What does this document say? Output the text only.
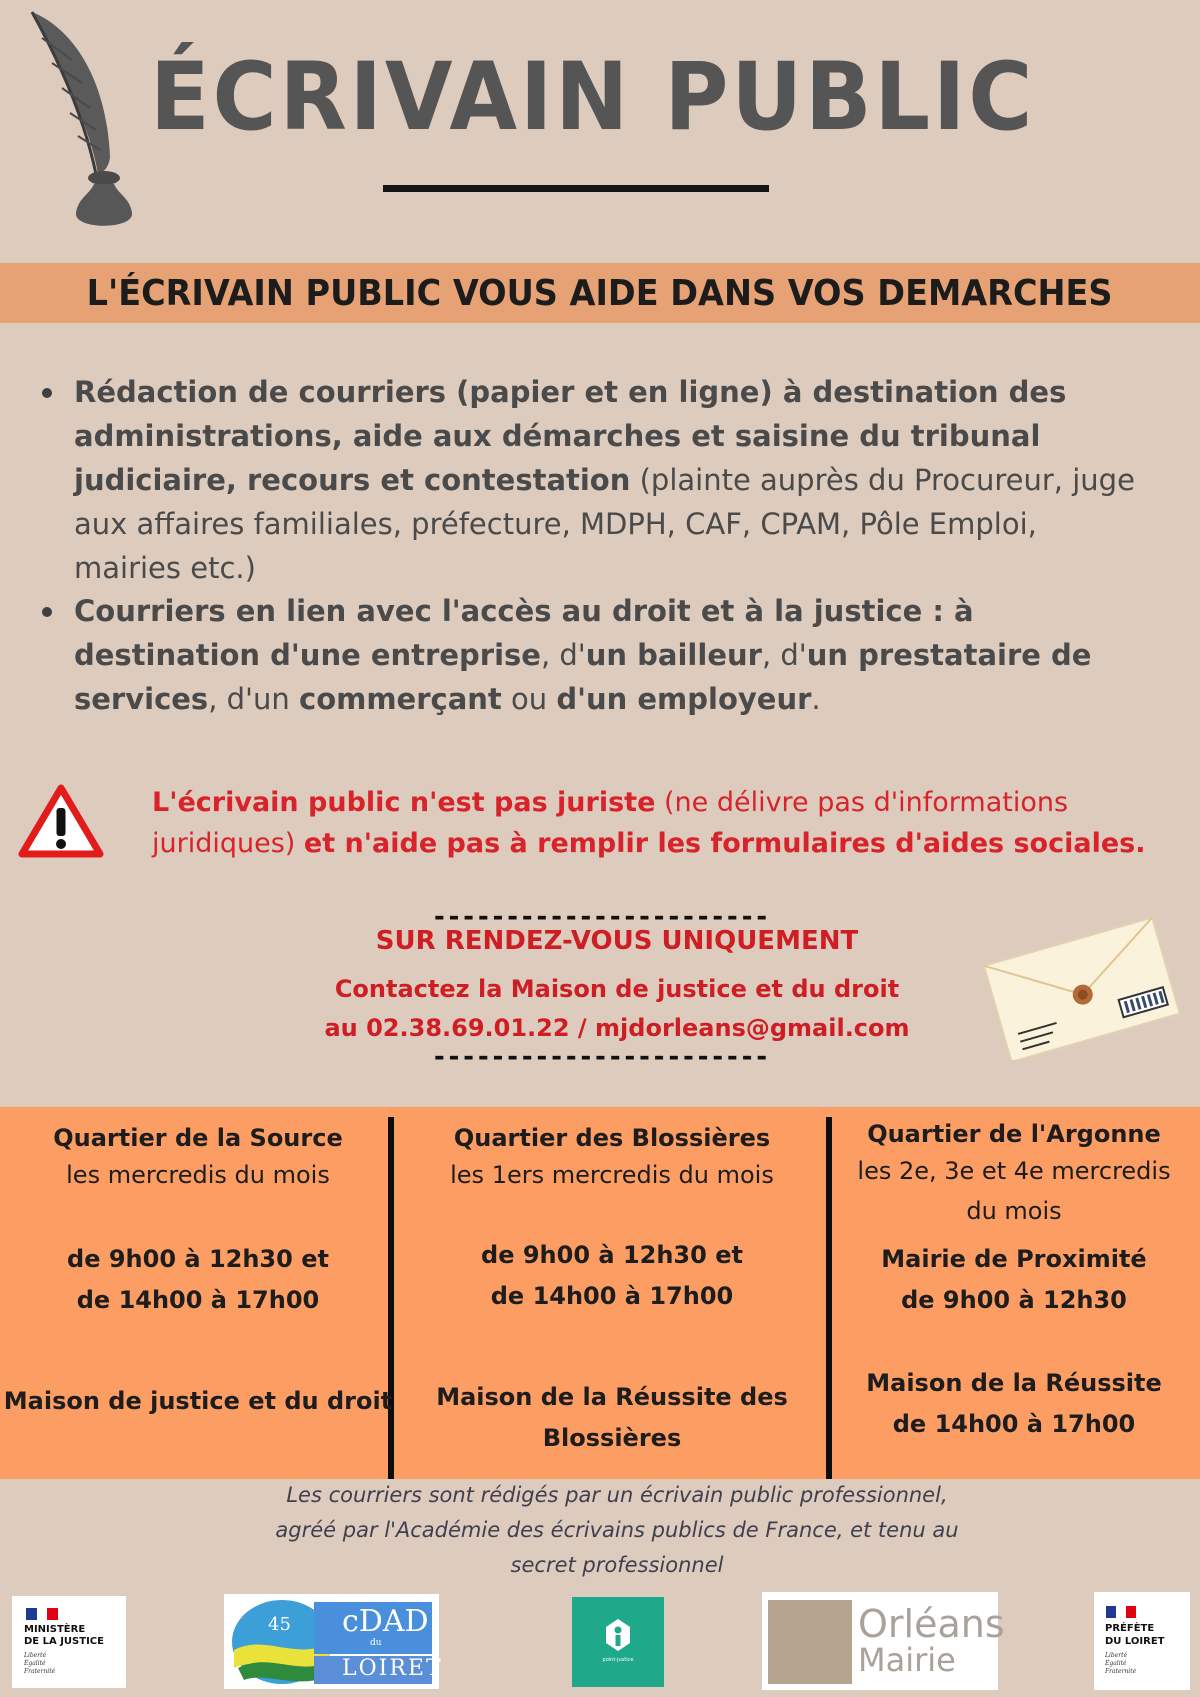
ÉCRIVAIN PUBLIC
L'ÉCRIVAIN PUBLIC VOUS AIDE DANS VOS DEMARCHES
Rédaction de courriers (papier et en ligne) à destination des administrations, aide aux démarches et saisine du tribunal judiciaire, recours et contestation (plainte auprès du Procureur, juge aux affaires familiales, préfecture, MDPH, CAF, CPAM, Pôle Emploi, mairies etc.)
Courriers en lien avec l'accès au droit et à la justice : à destination d'une entreprise, d'un bailleur, d'un prestataire de services, d'un commerçant ou d'un employeur.
L'écrivain public n'est pas juriste (ne délivre pas d'informations juridiques) et n'aide pas à remplir les formulaires d'aides sociales.
-----------------------
SUR RENDEZ-VOUS UNIQUEMENT
Contactez la Maison de justice et du droit
au 02.38.69.01.22 / mjdorleans@gmail.com
-----------------------
Quartier de la Source
les mercredis du mois
de 9h00 à 12h30 et
de 14h00 à 17h00
Maison de justice et du droit
Quartier des Blossières
les 1ers mercredis du mois
de 9h00 à 12h30 et
de 14h00 à 17h00
Maison de la Réussite des
Blossières
Quartier de l'Argonne
les 2e, 3e et 4e mercredis
du mois
Mairie de Proximité
de 9h00 à 12h30
Maison de la Réussite
de 14h00 à 17h00
Les courriers sont rédigés par un écrivain public professionnel,
agréé par l'Académie des écrivains publics de France, et tenu au
secret professionnel
MINISTÈRE
DE LA JUSTICE
Liberté
Égalité
Fraternité
45 cDAD
du
LOIRET	point-justice
Orléans
Mairie
PRÉFÈTE
DU LOIRET
Liberté
Égalité
Fraternité
